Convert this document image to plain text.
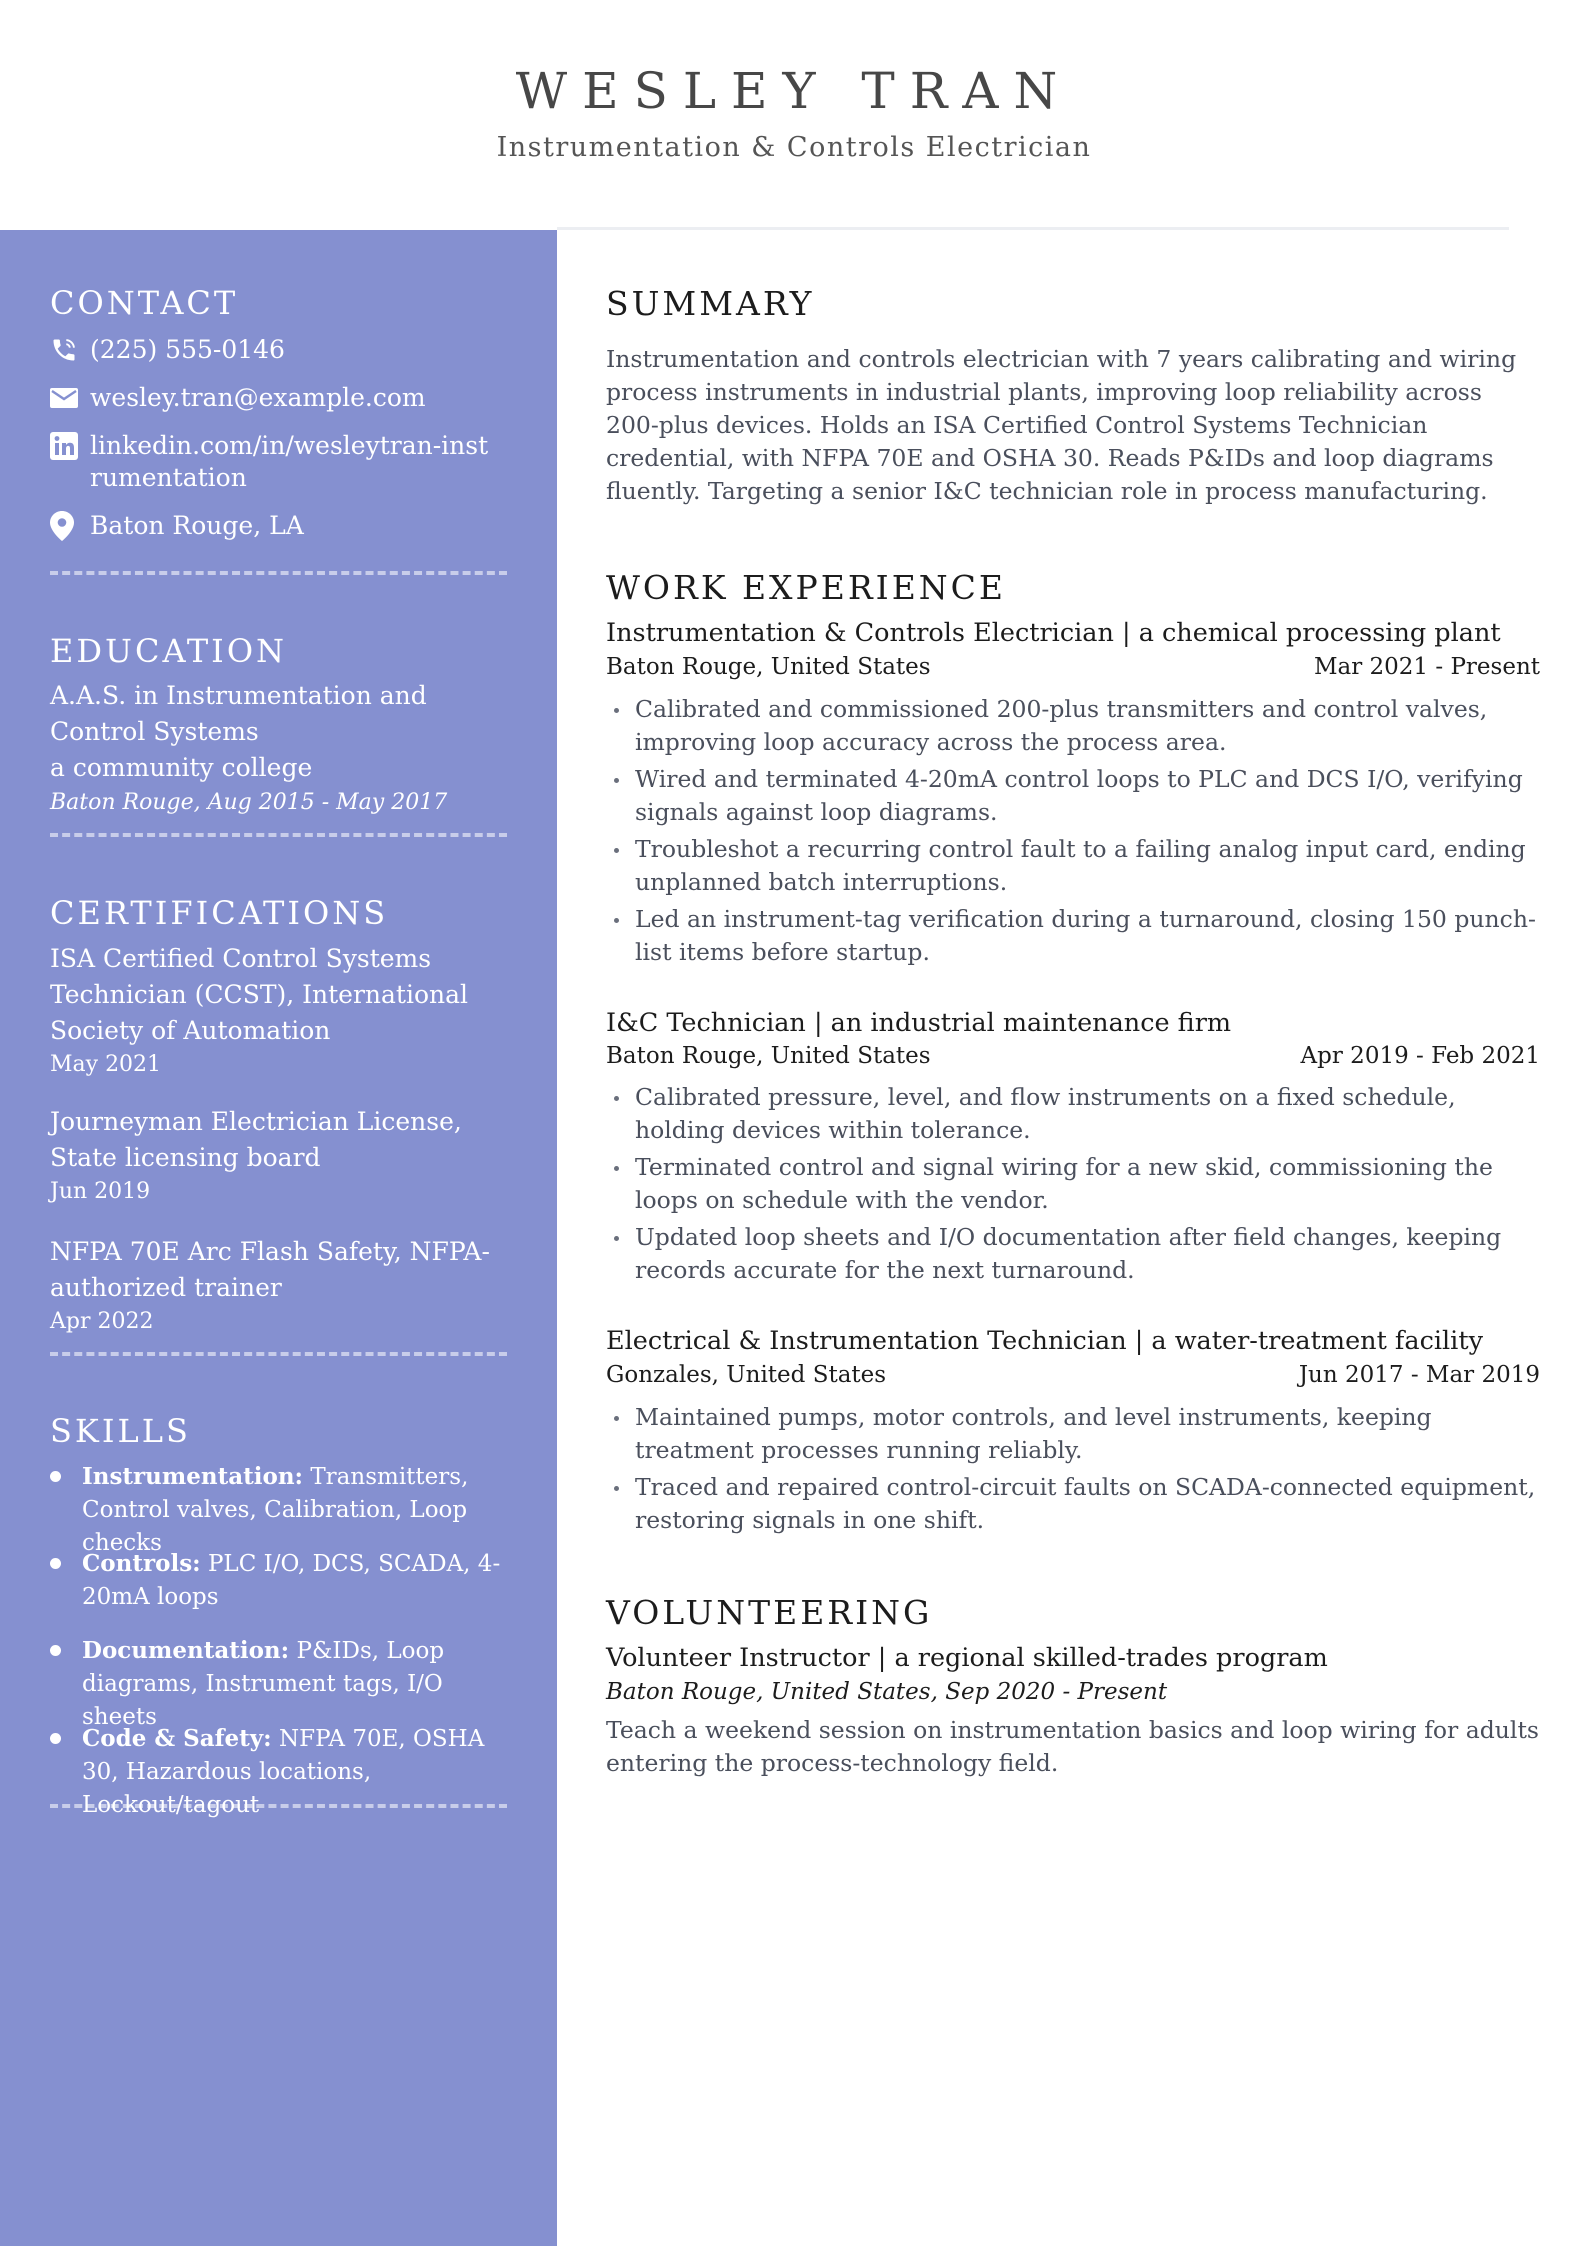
WESLEY TRAN
Instrumentation & Controls Electrician
CONTACT
(225) 555-0146
wesley.tran@example.com
linkedin.com/in/wesleytran-instrumentation
Baton Rouge, LA
EDUCATION
A.A.S. in Instrumentation and Control Systems
a community college
Baton Rouge, Aug 2015 - May 2017
CERTIFICATIONS
ISA Certified Control Systems Technician (CCST), International Society of Automation
May 2021
Journeyman Electrician License, State licensing board
Jun 2019
NFPA 70E Arc Flash Safety, NFPA-authorized trainer
Apr 2022
SKILLS
Instrumentation: Transmitters, Control valves, Calibration, Loop checks
Controls: PLC I/O, DCS, SCADA, 4-20mA loops
Documentation: P&IDs, Loop diagrams, Instrument tags, I/O sheets
Code & Safety: NFPA 70E, OSHA 30, Hazardous locations, Lockout/tagout
SUMMARY
Instrumentation and controls electrician with 7 years calibrating and wiring process instruments in industrial plants, improving loop reliability across 200-plus devices. Holds an ISA Certified Control Systems Technician credential, with NFPA 70E and OSHA 30. Reads P&IDs and loop diagrams fluently. Targeting a senior I&C technician role in process manufacturing.
WORK EXPERIENCE
Instrumentation & Controls Electrician | a chemical processing plant
Baton Rouge, United States	Mar 2021 - Present
Calibrated and commissioned 200-plus transmitters and control valves, improving loop accuracy across the process area.
Wired and terminated 4-20mA control loops to PLC and DCS I/O, verifying signals against loop diagrams.
Troubleshot a recurring control fault to a failing analog input card, ending unplanned batch interruptions.
Led an instrument-tag verification during a turnaround, closing 150 punch-list items before startup.
I&C Technician | an industrial maintenance firm
Baton Rouge, United States	Apr 2019 - Feb 2021
Calibrated pressure, level, and flow instruments on a fixed schedule, holding devices within tolerance.
Terminated control and signal wiring for a new skid, commissioning the loops on schedule with the vendor.
Updated loop sheets and I/O documentation after field changes, keeping records accurate for the next turnaround.
Electrical & Instrumentation Technician | a water-treatment facility
Gonzales, United States	Jun 2017 - Mar 2019
Maintained pumps, motor controls, and level instruments, keeping treatment processes running reliably.
Traced and repaired control-circuit faults on SCADA-connected equipment, restoring signals in one shift.
VOLUNTEERING
Volunteer Instructor | a regional skilled-trades program
Baton Rouge, United States, Sep 2020 - Present
Teach a weekend session on instrumentation basics and loop wiring for adults entering the process-technology field.
